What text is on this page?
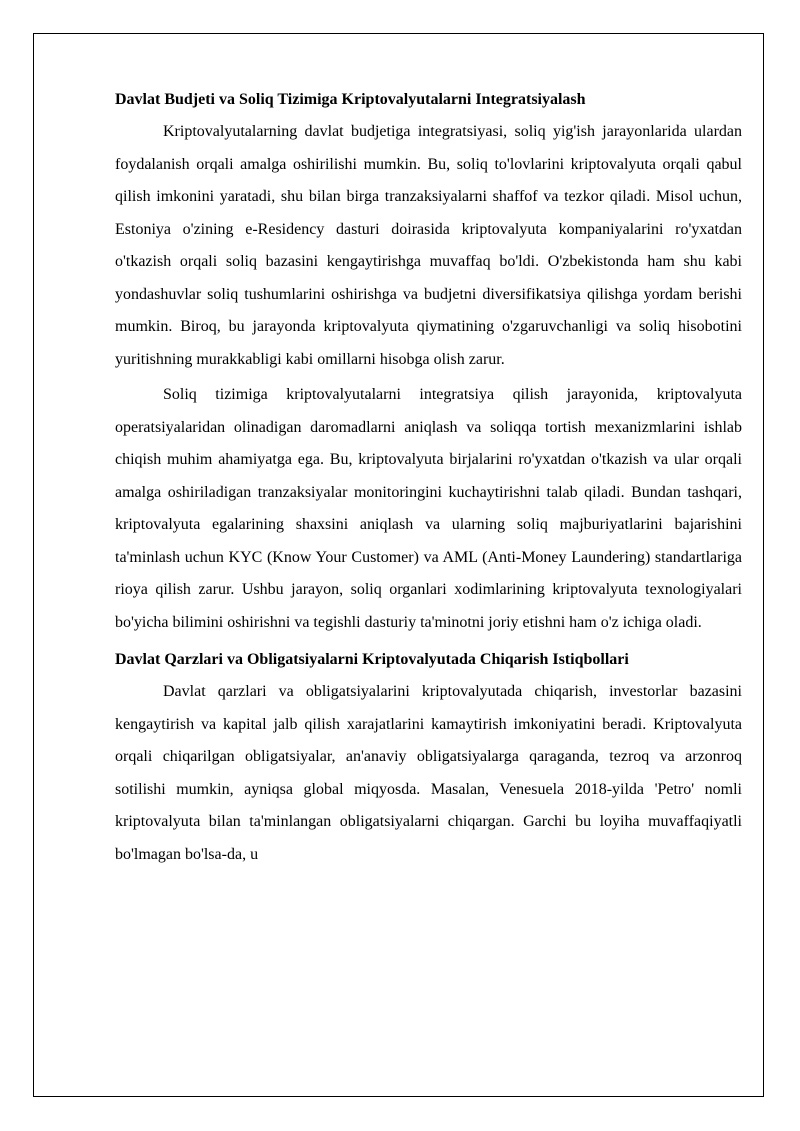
Davlat Budjeti va Soliq Tizimiga Kriptovalyutalarni Integratsiyalash

Kriptovalyutalarning davlat budjetiga integratsiyasi, soliq yig'ish jarayonlarida ulardan foydalanish orqali amalga oshirilishi mumkin. Bu, soliq to'lovlarini kriptovalyuta orqali qabul qilish imkonini yaratadi, shu bilan birga tranzaksiyalarni shaffof va tezkor qiladi. Misol uchun, Estoniya o'zining e-Residency dasturi doirasida kriptovalyuta kompaniyalarini ro'yxatdan o'tkazish orqali soliq bazasini kengaytirishga muvaffaq bo'ldi. O'zbekistonda ham shu kabi yondashuvlar soliq tushumlarini oshirishga va budjetni diversifikatsiya qilishga yordam berishi mumkin. Biroq, bu jarayonda kriptovalyuta qiymatining o'zgaruvchanligi va soliq hisobotini yuritishning murakkabligi kabi omillarni hisobga olish zarur.

Soliq tizimiga kriptovalyutalarni integratsiya qilish jarayonida, kriptovalyuta operatsiyalaridan olinadigan daromadlarni aniqlash va soliqqa tortish mexanizmlarini ishlab chiqish muhim ahamiyatga ega. Bu, kriptovalyuta birjalarini ro'yxatdan o'tkazish va ular orqali amalga oshiriladigan tranzaksiyalar monitoringini kuchaytirishni talab qiladi. Bundan tashqari, kriptovalyuta egalarining shaxsini aniqlash va ularning soliq majburiyatlarini bajarishini ta'minlash uchun KYC (Know Your Customer) va AML (Anti-Money Laundering) standartlariga rioya qilish zarur. Ushbu jarayon, soliq organlari xodimlarining kriptovalyuta texnologiyalari bo'yicha bilimini oshirishni va tegishli dasturiy ta'minotni joriy etishni ham o'z ichiga oladi.

Davlat Qarzlari va Obligatsiyalarni Kriptovalyutada Chiqarish Istiqbollari

Davlat qarzlari va obligatsiyalarini kriptovalyutada chiqarish, investorlar bazasini kengaytirish va kapital jalb qilish xarajatlarini kamaytirish imkoniyatini beradi. Kriptovalyuta orqali chiqarilgan obligatsiyalar, an'anaviy obligatsiyalarga qaraganda, tezroq va arzonroq sotilishi mumkin, ayniqsa global miqyosda. Masalan, Venesuela 2018-yilda 'Petro' nomli kriptovalyuta bilan ta'minlangan obligatsiyalarni chiqargan. Garchi bu loyiha muvaffaqiyatli bo'lmagan bo'lsa-da, u
